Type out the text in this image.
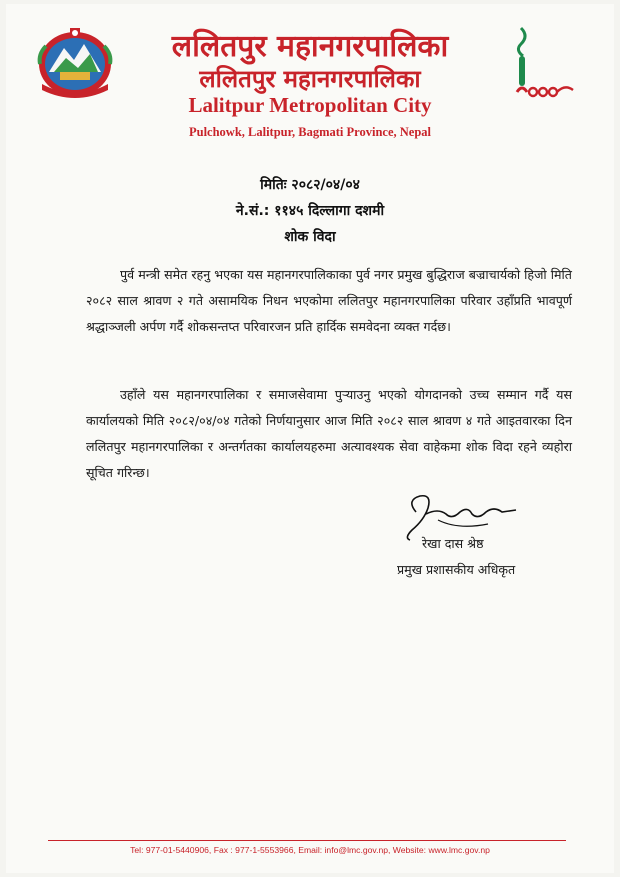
ललितपुर महानगरपालिका
ललितपुर महानगरपालिका
Lalitpur Metropolitan City
Pulchowk, Lalitpur, Bagmati Province, Nepal
मितिः २०८२/०४/०४
ने.सं.: ११४५ दिल्लागा दशमी
शोक विदा
पुर्व मन्त्री समेत रहनु भएका यस महानगरपालिकाका पुर्व नगर प्रमुख बुद्धिराज बज्राचार्यको हिजो मिति २०८२ साल श्रावण २ गते असामयिक निधन भएकोमा ललितपुर महानगरपालिका परिवार उहाँप्रति भावपूर्ण श्रद्धाञ्जली अर्पण गर्दै शोकसन्तप्त परिवारजन प्रति हार्दिक समवेदना व्यक्त गर्दछ।
उहाँले यस महानगरपालिका र समाजसेवामा पुऱ्याउनु भएको योगदानको उच्च सम्मान गर्दै यस कार्यालयको मिति २०८२/०४/०४ गतेको निर्णयानुसार आज मिति २०८२ साल श्रावण ४ गते आइतवारका दिन ललितपुर महानगरपालिका र अन्तर्गतका कार्यालयहरुमा अत्यावश्यक सेवा वाहेकमा शोक विदा रहने व्यहोरा सूचित गरिन्छ।
रेखा दास श्रेष्ठ
प्रमुख प्रशासकीय अधिकृत
Tel: 977-01-5440906, Fax : 977-1-5553966, Email: info@lmc.gov.np, Website: www.lmc.gov.np
